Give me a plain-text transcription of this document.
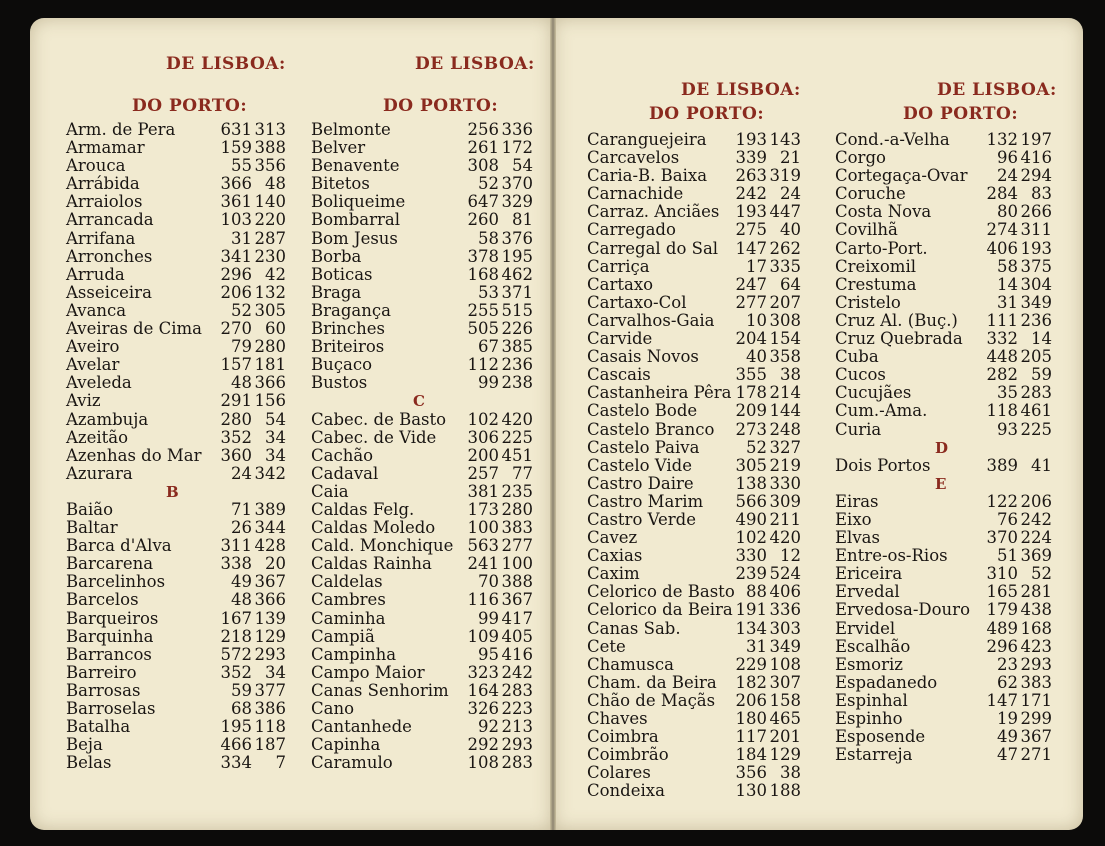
DE LISBOA:
DO PORTO:
Arm. de Pera	631 313
Armamar	159 388
Arouca	55 356
Arrábida	366 48
Arraiolos	361 140
Arrancada	103 220
Arrifana	31 287
Arronches	341 230
Arruda	296 42
Asseiceira	206 132
Avanca	52 305
Aveiras de Cima 270 60
Aveiro	79 280
Avelar	157 181
Aveleda	48 366
Aviz	291 156
Azambuja	280 54
Azeitão	352 34
Azenhas do Mar 360 34
Azurara	24 342
B
Baião	71 389
Baltar	26 344
Barca d'Alva	311 428
Barcarena	338 20
Barcelinhos	49 367
Barcelos	48 366
Barqueiros	167 139
Barquinha	218 129
Barrancos	572 293
Barreiro	352 34
Barrosas	59 377
Barroselas	68 386
Batalha	195 118
Beja	466 187
Belas	334	7
DE LISBOA:
DO PORTO:
Belmonte	256 336
Belver	261 172
Benavente	308 54
Bitetos	52 370
Boliqueime	647 329
Bombarral	260 81
Bom Jesus	58 376
Borba	378 195
Boticas	168 462
Braga	53 371
Bragança	255 515
Brinches	505 226
Briteiros	67 385
Buçaco	112 236
Bustos	99 238
C
Cabec. de Basto 102 420
Cabec. de Vide 306 225
Cachão	200 451
Cadaval	257 77
Caia	381 235
Caldas Felg.	173 280
Caldas Moledo 100 383
Cald. Monchique 563 277
Caldas Rainha 241 100
Caldelas	70 388
Cambres	116 367
Caminha	99 417
Campiã	109 405
Campinha	95 416
Campo Maior	323 242
Canas Senhorim 164 283
Cano	326 223
Cantanhede	92 213
Capinha	292 293
Caramulo	108 283
DE LISBOA:
DO PORTO:
Caranguejeira 193 143
Carcavelos	339 21
Caria-B. Baixa 263 319
Carnachide	242 24
Carraz. Anciães 193 447
Carregado	275 40
Carregal do Sal 147 262
Carriça	17 335
Cartaxo	247 64
Cartaxo-Col	277 207
Carvalhos-Gaia 10 308
Carvide	204 154
Casais Novos	40 358
Cascais	355 38
Castanheira Pêra 178 214
Castelo Bode 209 144
Castelo Branco 273 248
Castelo Paiva	52 327
Castelo Vide	305 219
Castro Daire	138 330
Castro Marim 566 309
Castro Verde 490 211
Cavez	102 420
Caxias	330 12
Caxim	239 524
Celorico de Basto 88 406
Celorico da Beira 191 336
Canas Sab.	134 303
Cete	31 349
Chamusca	229 108
Cham. da Beira 182 307
Chão de Maçãs 206 158
Chaves	180 465
Coimbra	117 201
Coimbrão	184 129
Colares	356 38
Condeixa	130 188
DE LISBOA:
DO PORTO:
Cond.-a-Velha 132 197
Corgo	96 416
Cortegaça-Ovar 24 294
Coruche	284 83
Costa Nova	80 266
Covilhã	274 311
Carto-Port.	406 193
Creixomil	58 375
Crestuma	14 304
Cristelo	31 349
Cruz Al. (Buç.) 111 236
Cruz Quebrada 332 14
Cuba	448 205
Cucos	282 59
Cucujães	35 283
Cum.-Ama.	118 461
Curia	93 225
D
Dois Portos	389 41
E
Eiras	122 206
Eixo	76 242
Elvas	370 224
Entre-os-Rios	51 369
Ericeira	310 52
Ervedal	165 281
Ervedosa-Douro 179 438
Ervidel	489 168
Escalhão	296 423
Esmoriz	23 293
Espadanedo	62 383
Espinhal	147 171
Espinho	19 299
Esposende	49 367
Estarreja	47 271
